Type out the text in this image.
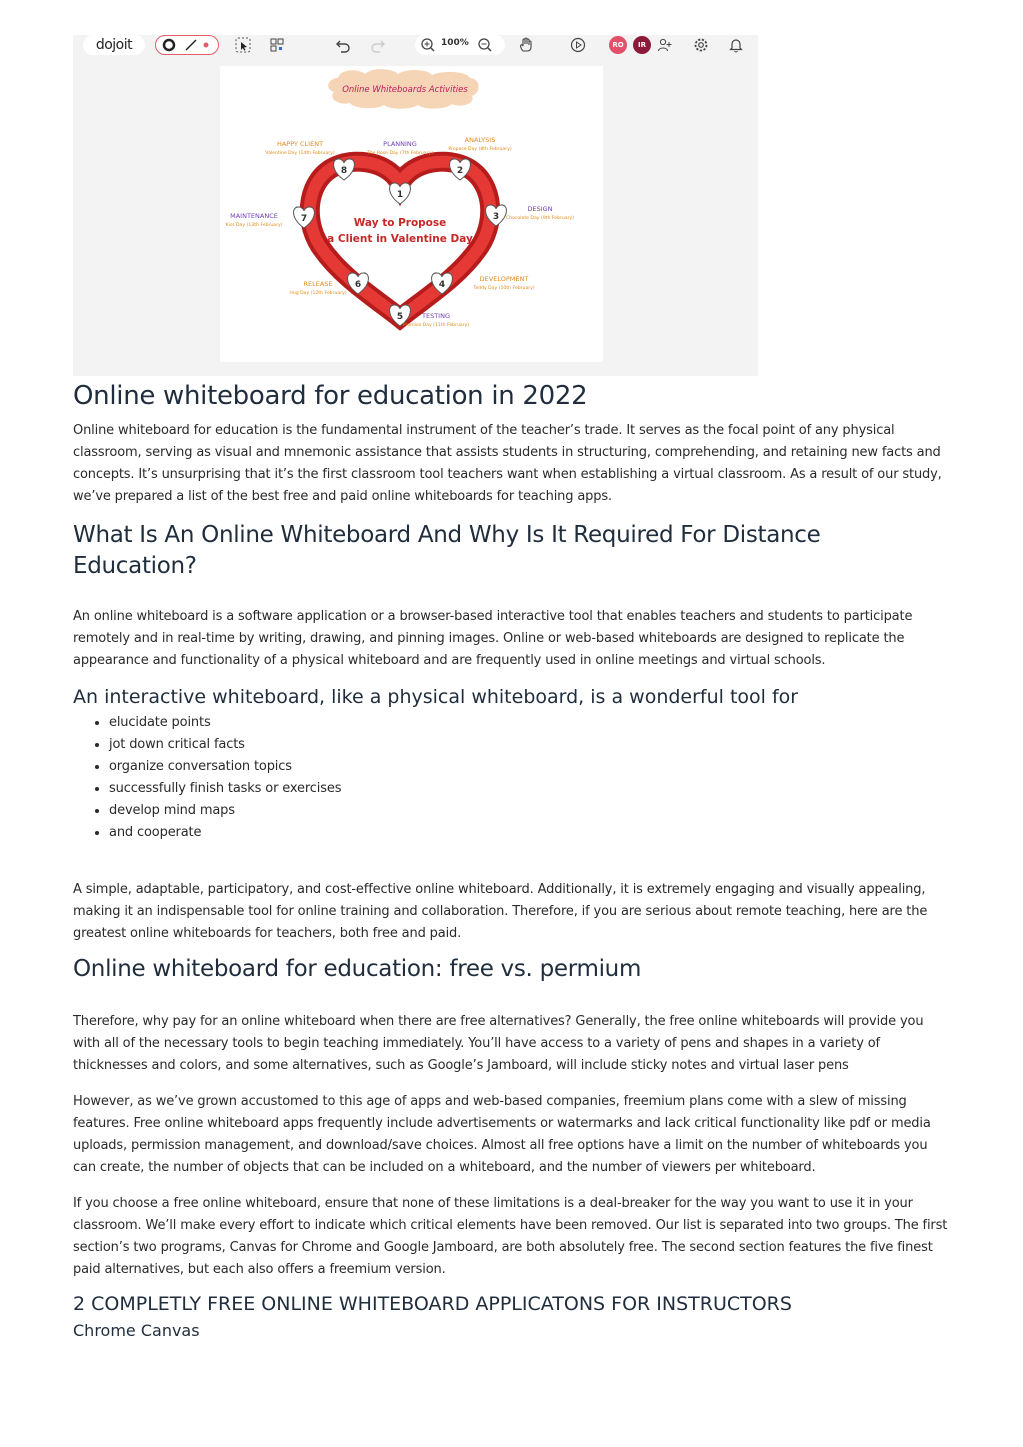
dojoit	100%	RO	IR
Online Whiteboards Activities
Way to Propose
a Client in Valentine Day
1
2
3
4
5
6
7
8
PLANNING
The Rose Day (7th February)
ANALYSIS
Propose Day (8th February)
DESIGN
Chocolate Day (9th February)
DEVELOPMENT
Teddy Day (10th February)
TESTING
Promise Day (11th February)
RELEASE
Hug Day (12th February)
MAINTENANCE
Kiss Day (13th February)
HAPPY CLIENT
Valentine Day (14th February)
Online whiteboard for education in 2022

Online whiteboard for education is the fundamental instrument of the teacher’s trade. It serves as the focal point of any physical classroom, serving as visual and mnemonic assistance that assists students in structuring, comprehending, and retaining new facts and concepts. It’s unsurprising that it’s the first classroom tool teachers want when establishing a virtual classroom. As a result of our study, we’ve prepared a list of the best free and paid online whiteboards for teaching apps.

What Is An Online Whiteboard And Why Is It Required For Distance Education?

An online whiteboard is a software application or a browser-based interactive tool that enables teachers and students to participate remotely and in real-time by writing, drawing, and pinning images. Online or web-based whiteboards are designed to replicate the appearance and functionality of a physical whiteboard and are frequently used in online meetings and virtual schools.

An interactive whiteboard, like a physical whiteboard, is a wonderful tool for
• elucidate points
• jot down critical facts
• organize conversation topics
• successfully finish tasks or exercises
• develop mind maps
• and cooperate

A simple, adaptable, participatory, and cost-effective online whiteboard. Additionally, it is extremely engaging and visually appealing, making it an indispensable tool for online training and collaboration. Therefore, if you are serious about remote teaching, here are the greatest online whiteboards for teachers, both free and paid.

Online whiteboard for education: free vs. permium

Therefore, why pay for an online whiteboard when there are free alternatives? Generally, the free online whiteboards will provide you with all of the necessary tools to begin teaching immediately. You’ll have access to a variety of pens and shapes in a variety of thicknesses and colors, and some alternatives, such as Google’s Jamboard, will include sticky notes and virtual laser pens

However, as we’ve grown accustomed to this age of apps and web-based companies, freemium plans come with a slew of missing features. Free online whiteboard apps frequently include advertisements or watermarks and lack critical functionality like pdf or media uploads, permission management, and download/save choices. Almost all free options have a limit on the number of whiteboards you can create, the number of objects that can be included on a whiteboard, and the number of viewers per whiteboard.

If you choose a free online whiteboard, ensure that none of these limitations is a deal-breaker for the way you want to use it in your classroom. We’ll make every effort to indicate which critical elements have been removed. Our list is separated into two groups. The first section’s two programs, Canvas for Chrome and Google Jamboard, are both absolutely free. The second section features the five finest paid alternatives, but each also offers a freemium version.

2 COMPLETLY FREE ONLINE WHITEBOARD APPLICATONS FOR INSTRUCTORS
Chrome Canvas
